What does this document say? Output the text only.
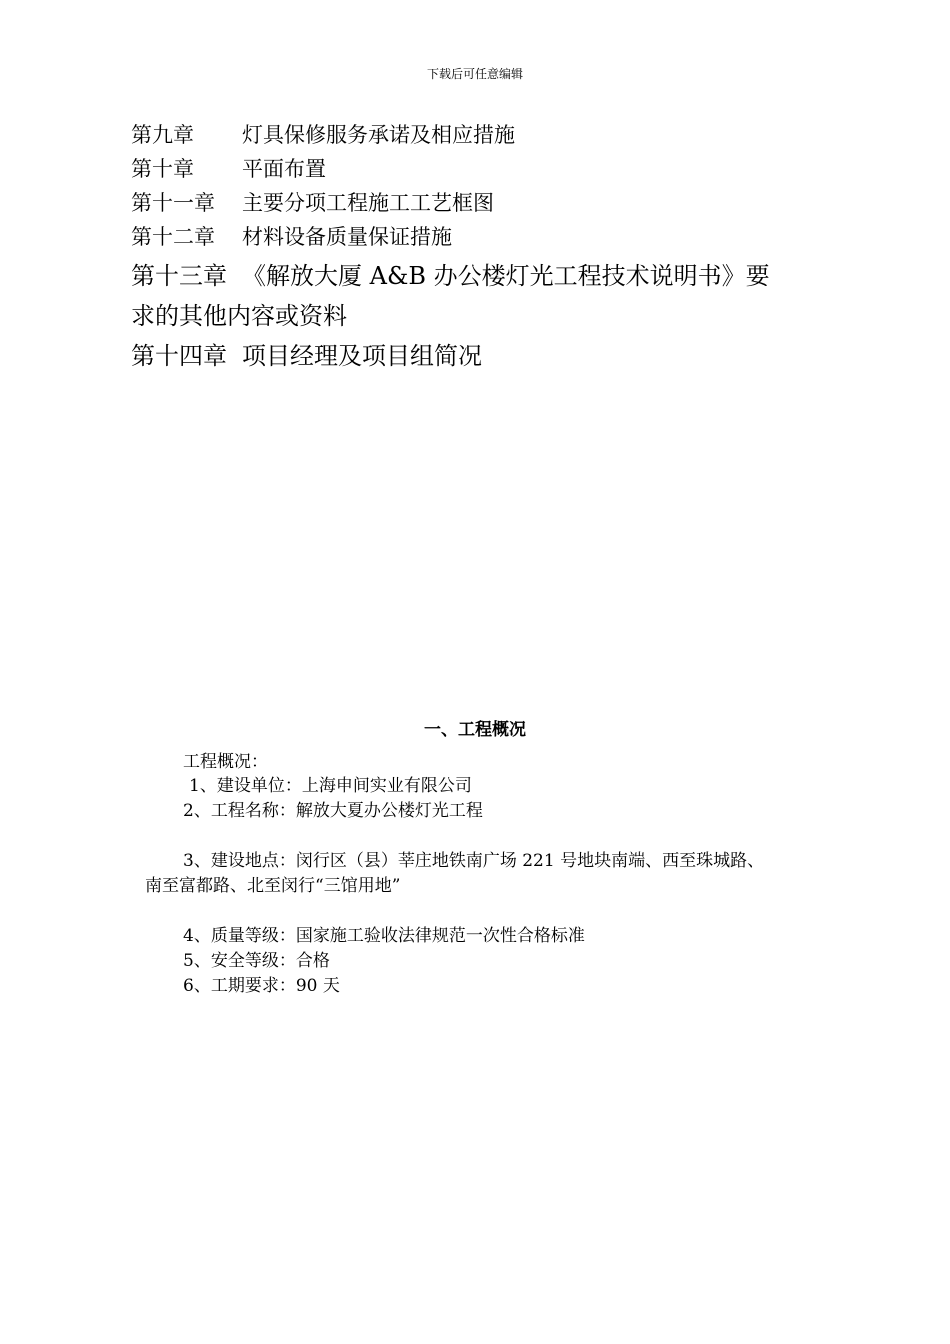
下载后可任意编辑
第九章	灯具保修服务承诺及相应措施
第十章	平面布置
第十一章	主要分项工程施工工艺框图
第十二章	材料设备质量保证措施
第十三章 《解放大厦 A&B 办公楼灯光工程技术说明书》要
求的其他内容或资料
第十四章 项目经理及项目组简况
一、工程概况
工程概况：
1、建设单位：上海申间实业有限公司
2、工程名称：解放大夏办公楼灯光工程
3、建设地点：闵行区（县）莘庄地铁南广场 221 号地块南端、西至珠城路、
南至富都路、北至闵行“三馆用地”
4、质量等级：国家施工验收法律规范一次性合格标准
5、安全等级：合格
6、工期要求：90 天
